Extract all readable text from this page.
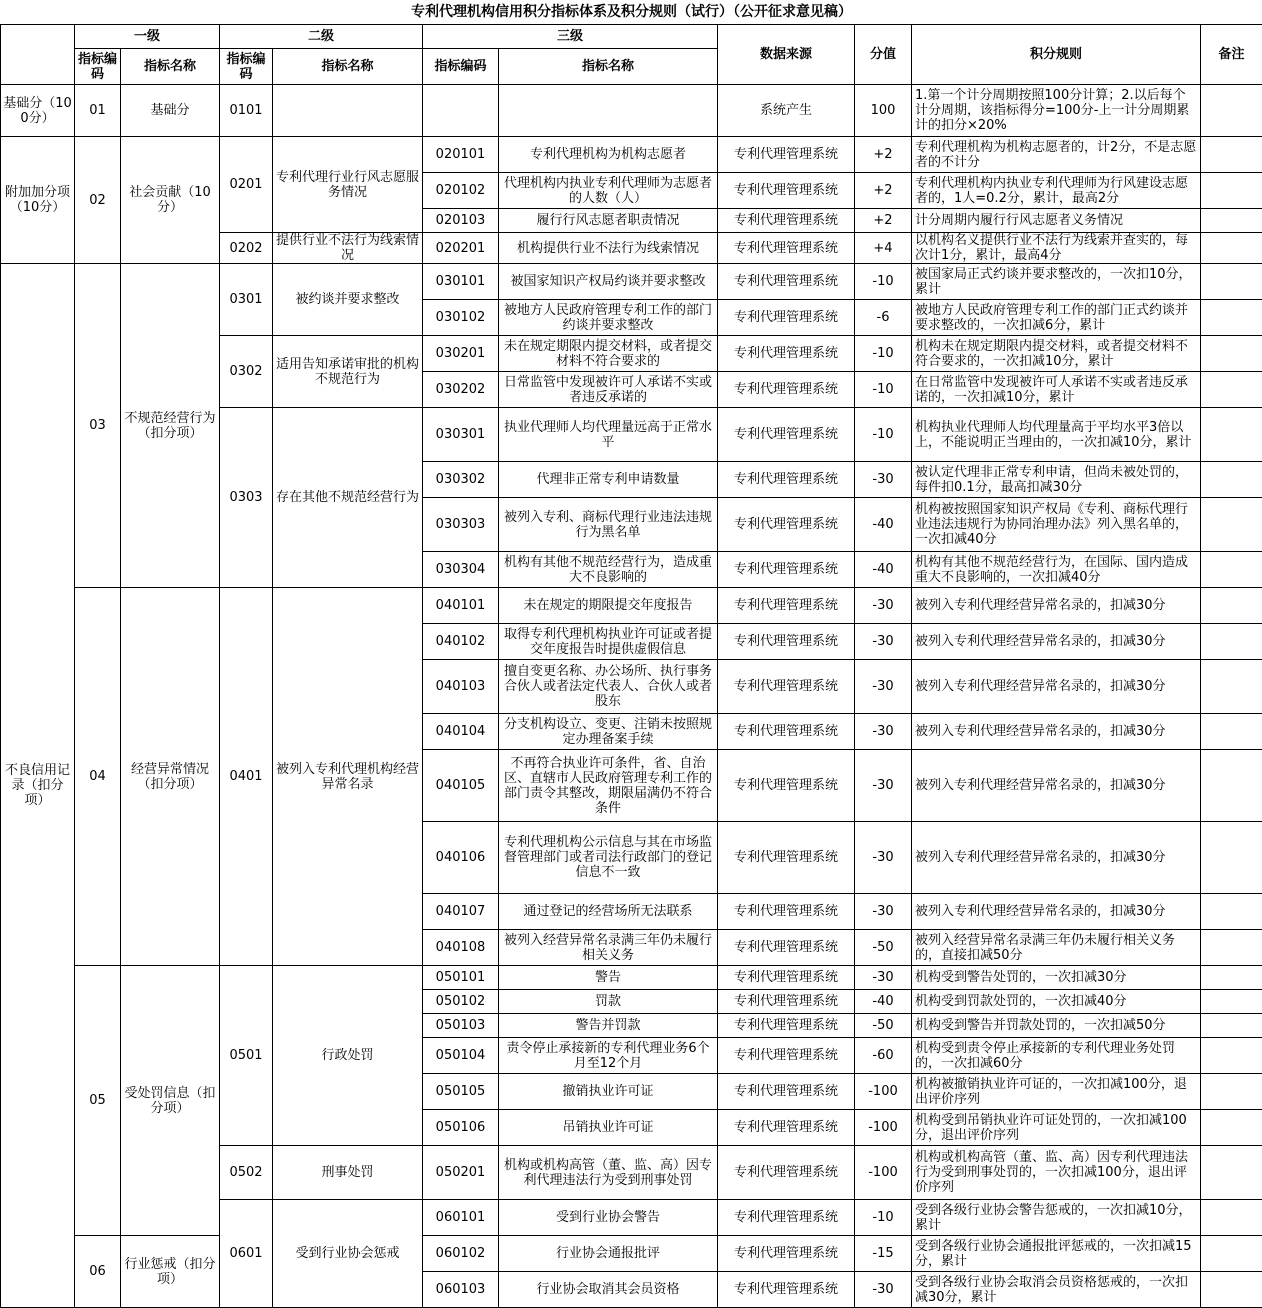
专利代理机构信用积分指标体系及积分规则（试行）（公开征求意见稿）										
	一级		二级		三级		数据来源	分值	积分规则	备注
	指标编码	指标名称	指标编码	指标名称	指标编码	指标名称				
基础分（100分）	01	基础分	0101				系统产生	100	1.第一个计分周期按照100分计算；2.以后每个计分周期，该指标得分=100分-上一计分周期累计的扣分×20%	
附加加分项（10分）	02	社会贡献（10分）	0201	专利代理行业行风志愿服务情况	020101	专利代理机构为机构志愿者	专利代理管理系统	+2	专利代理机构为机构志愿者的，计2分，不是志愿者的不计分	
					020102	代理机构内执业专利代理师为志愿者的人数（人）	专利代理管理系统	+2	专利代理机构内执业专利代理师为行风建设志愿者的，1人=0.2分，累计，最高2分	
					020103	履行行风志愿者职责情况	专利代理管理系统	+2	计分周期内履行行风志愿者义务情况	
			0202	提供行业不法行为线索情况	020201	机构提供行业不法行为线索情况	专利代理管理系统	+4	以机构名义提供行业不法行为线索并查实的，每次计1分，累计，最高4分	
不良信用记录（扣分项）	03	不规范经营行为（扣分项）	0301	被约谈并要求整改	030101	被国家知识产权局约谈并要求整改	专利代理管理系统	-10	被国家局正式约谈并要求整改的，一次扣10分，累计	
					030102	被地方人民政府管理专利工作的部门约谈并要求整改	专利代理管理系统	-6	被地方人民政府管理专利工作的部门正式约谈并要求整改的，一次扣减6分，累计	
			0302	适用告知承诺审批的机构不规范行为	030201	未在规定期限内提交材料，或者提交材料不符合要求的	专利代理管理系统	-10	机构未在规定期限内提交材料，或者提交材料不符合要求的，一次扣减10分，累计	
					030202	日常监管中发现被许可人承诺不实或者违反承诺的	专利代理管理系统	-10	在日常监管中发现被许可人承诺不实或者违反承诺的，一次扣减10分，累计	
			0303	存在其他不规范经营行为	030301	执业代理师人均代理量远高于正常水平	专利代理管理系统	-10	机构执业代理师人均代理量高于平均水平3倍以上，不能说明正当理由的，一次扣减10分，累计	
					030302	代理非正常专利申请数量	专利代理管理系统	-30	被认定代理非正常专利申请，但尚未被处罚的，每件扣0.1分，最高扣减30分	
					030303	被列入专利、商标代理行业违法违规行为黑名单	专利代理管理系统	-40	机构被按照国家知识产权局《专利、商标代理行业违法违规行为协同治理办法》列入黑名单的，一次扣减40分	
					030304	机构有其他不规范经营行为，造成重大不良影响的	专利代理管理系统	-40	机构有其他不规范经营行为，在国际、国内造成重大不良影响的，一次扣减40分	
	04	经营异常情况（扣分项）	0401	被列入专利代理机构经营异常名录	040101	未在规定的期限提交年度报告	专利代理管理系统	-30	被列入专利代理经营异常名录的，扣减30分	
					040102	取得专利代理机构执业许可证或者提交年度报告时提供虚假信息	专利代理管理系统	-30	被列入专利代理经营异常名录的，扣减30分	
					040103	擅自变更名称、办公场所、执行事务合伙人或者法定代表人、合伙人或者股东	专利代理管理系统	-30	被列入专利代理经营异常名录的，扣减30分	
					040104	分支机构设立、变更、注销未按照规定办理备案手续	专利代理管理系统	-30	被列入专利代理经营异常名录的，扣减30分	
					040105	不再符合执业许可条件，省、自治区、直辖市人民政府管理专利工作的部门责令其整改，期限届满仍不符合条件	专利代理管理系统	-30	被列入专利代理经营异常名录的，扣减30分	
					040106	专利代理机构公示信息与其在市场监督管理部门或者司法行政部门的登记信息不一致	专利代理管理系统	-30	被列入专利代理经营异常名录的，扣减30分	
					040107	通过登记的经营场所无法联系	专利代理管理系统	-30	被列入专利代理经营异常名录的，扣减30分	
					040108	被列入经营异常名录满三年仍未履行相关义务	专利代理管理系统	-50	被列入经营异常名录满三年仍未履行相关义务的，直接扣减50分	
	05	受处罚信息（扣分项）	0501	行政处罚	050101	警告	专利代理管理系统	-30	机构受到警告处罚的，一次扣减30分	
					050102	罚款	专利代理管理系统	-40	机构受到罚款处罚的，一次扣减40分	
					050103	警告并罚款	专利代理管理系统	-50	机构受到警告并罚款处罚的，一次扣减50分	
					050104	责令停止承接新的专利代理业务6个月至12个月	专利代理管理系统	-60	机构受到责令停止承接新的专利代理业务处罚的，一次扣减60分	
					050105	撤销执业许可证	专利代理管理系统	-100	机构被撤销执业许可证的，一次扣减100分，退出评价序列	
					050106	吊销执业许可证	专利代理管理系统	-100	机构受到吊销执业许可证处罚的，一次扣减100分，退出评价序列	
			0502	刑事处罚	050201	机构或机构高管（董、监、高）因专利代理违法行为受到刑事处罚	专利代理管理系统	-100	机构或机构高管（董、监、高）因专利代理违法行为受到刑事处罚的，一次扣减100分，退出评价序列	
			0601	受到行业协会惩戒	060101	受到行业协会警告	专利代理管理系统	-10	受到各级行业协会警告惩戒的，一次扣减10分，累计	
	06	行业惩戒（扣分项）			060102	行业协会通报批评	专利代理管理系统	-15	受到各级行业协会通报批评惩戒的，一次扣减15分，累计	
					060103	行业协会取消其会员资格	专利代理管理系统	-30	受到各级行业协会取消会员资格惩戒的，一次扣减30分，累计	
